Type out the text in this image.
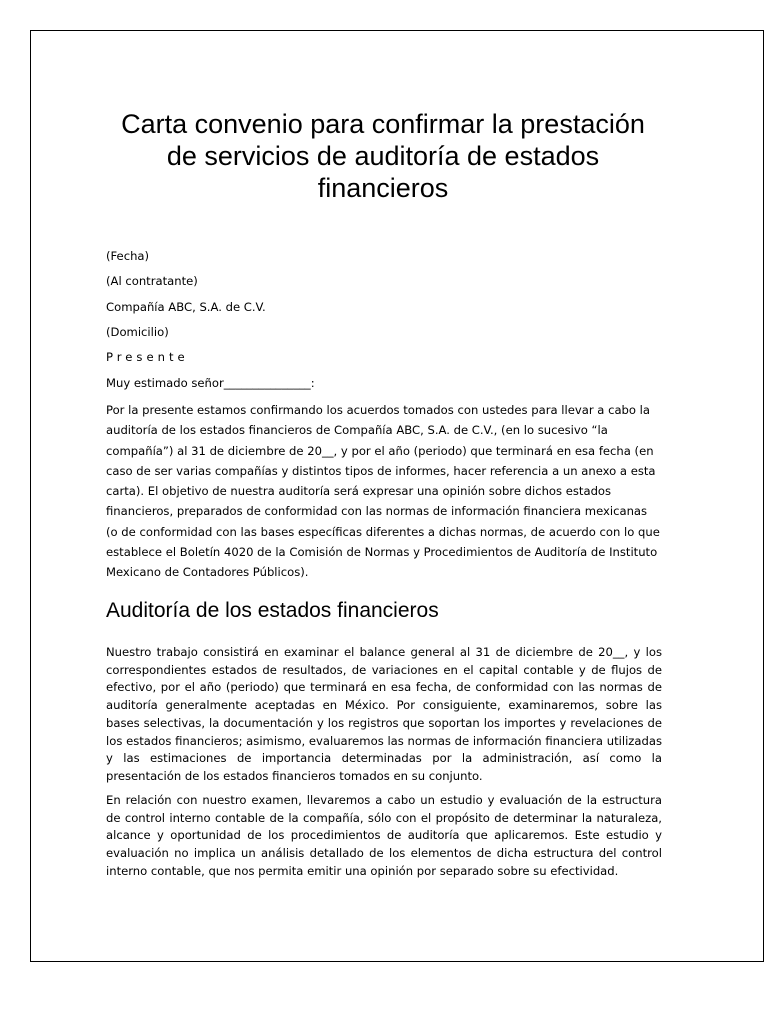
Carta convenio para confirmar la prestación de servicios de auditoría de estados financieros

(Fecha)

(Al contratante)

Compañía ABC, S.A. de C.V.

(Domicilio)

Presente

Muy estimado señor_______________:

Por la presente estamos confirmando los acuerdos tomados con ustedes para llevar a cabo la auditoría de los estados financieros de Compañía ABC, S.A. de C.V., (en lo sucesivo “la compañía”) al 31 de diciembre de 20__, y por el año (periodo) que terminará en esa fecha (en caso de ser varias compañías y distintos tipos de informes, hacer referencia a un anexo a esta carta). El objetivo de nuestra auditoría será expresar una opinión sobre dichos estados financieros, preparados de conformidad con las normas de información financiera mexicanas (o de conformidad con las bases específicas diferentes a dichas normas, de acuerdo con lo que establece el Boletín 4020 de la Comisión de Normas y Procedimientos de Auditoría de Instituto Mexicano de Contadores Públicos).

Auditoría de los estados financieros

Nuestro trabajo consistirá en examinar el balance general al 31 de diciembre de 20__, y los correspondientes estados de resultados, de variaciones en el capital contable y de flujos de efectivo, por el año (periodo) que terminará en esa fecha, de conformidad con las normas de auditoría generalmente aceptadas en México. Por consiguiente, examinaremos, sobre las bases selectivas, la documentación y los registros que soportan los importes y revelaciones de los estados financieros; asimismo, evaluaremos las normas de información financiera utilizadas y las estimaciones de importancia determinadas por la administración, así como la presentación de los estados financieros tomados en su conjunto.

En relación con nuestro examen, llevaremos a cabo un estudio y evaluación de la estructura de control interno contable de la compañía, sólo con el propósito de determinar la naturaleza, alcance y oportunidad de los procedimientos de auditoría que aplicaremos. Este estudio y evaluación no implica un análisis detallado de los elementos de dicha estructura del control interno contable, que nos permita emitir una opinión por separado sobre su efectividad.
